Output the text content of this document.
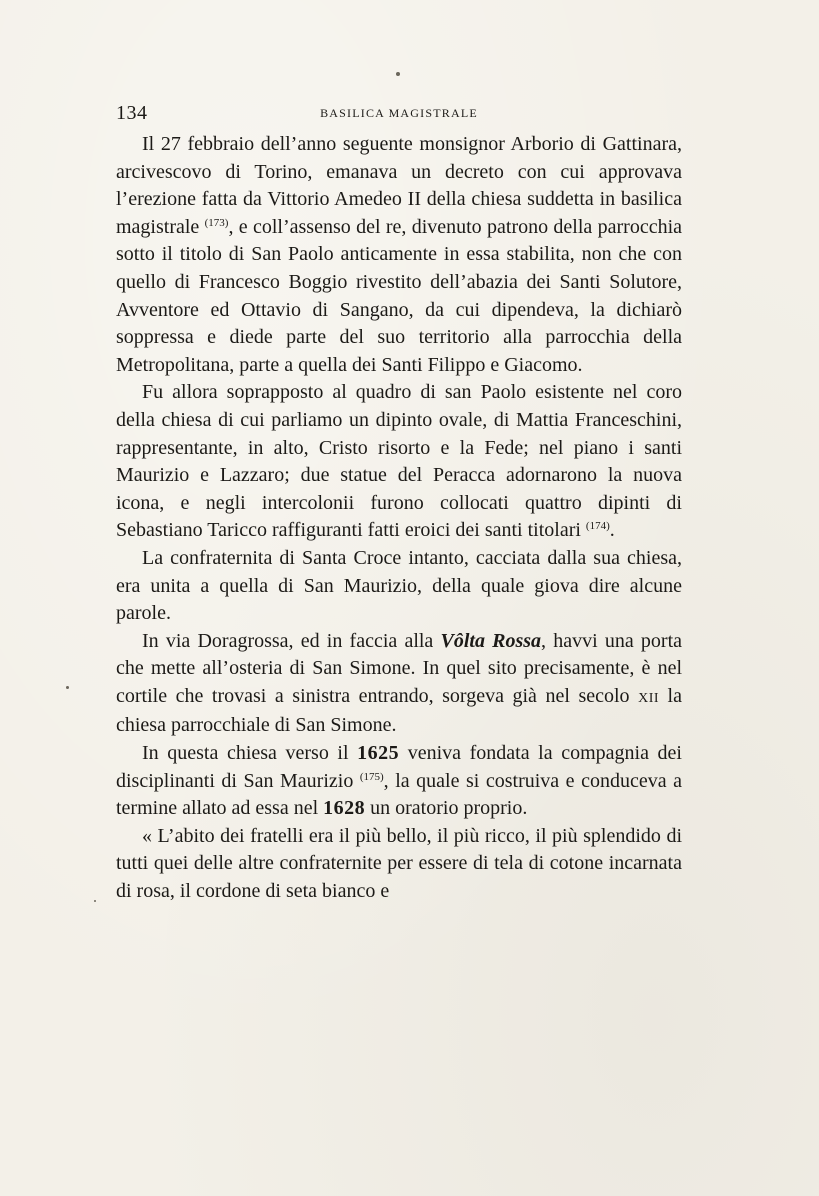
134	BASILICA MAGISTRALE

Il 27 febbraio dell’anno seguente monsignor Arborio di Gattinara, arcivescovo di Torino, emanava un decreto con cui approvava l’erezione fatta da Vittorio Amedeo II della chiesa suddetta in basilica magistrale $^{(173)}$, e coll’assenso del re, divenuto patrono della parrocchia sotto il titolo di San Paolo anticamente in essa stabilita, non che con quello di Francesco Boggio rivestito dell’abazia dei Santi Solutore, Avventore ed Ottavio di Sangano, da cui dipendeva, la dichiarò soppressa e diede parte del suo territorio alla parrocchia della Metropolitana, parte a quella dei Santi Filippo e Giacomo.

Fu allora soprapposto al quadro di san Paolo esistente nel coro della chiesa di cui parliamo un dipinto ovale, di Mattia Franceschini, rappresentante, in alto, Cristo risorto e la Fede; nel piano i santi Maurizio e Lazzaro; due statue del Peracca adornarono la nuova icona, e negli intercolonii furono collocati quattro dipinti di Sebastiano Taricco raffiguranti fatti eroici dei santi titolari $^{(174)}$.

La confraternita di Santa Croce intanto, cacciata dalla sua chiesa, era unita a quella di San Maurizio, della quale giova dire alcune parole.

In via Doragrossa, ed in faccia alla Vôlta Rossa, havvi una porta che mette all’osteria di San Simone. In quel sito precisamente, è nel cortile che trovasi a sinistra entrando, sorgeva già nel secolo XII la chiesa parrocchiale di San Simone.

In questa chiesa verso il 1625 veniva fondata la compagnia dei disciplinanti di San Maurizio $^{(175)}$, la quale si costruiva e conduceva a termine allato ad essa nel 1628 un oratorio proprio.

« L’abito dei fratelli era il più bello, il più ricco, il più splendido di tutti quei delle altre confraternite per essere di tela di cotone incarnata di rosa, il cordone di seta bianco e
